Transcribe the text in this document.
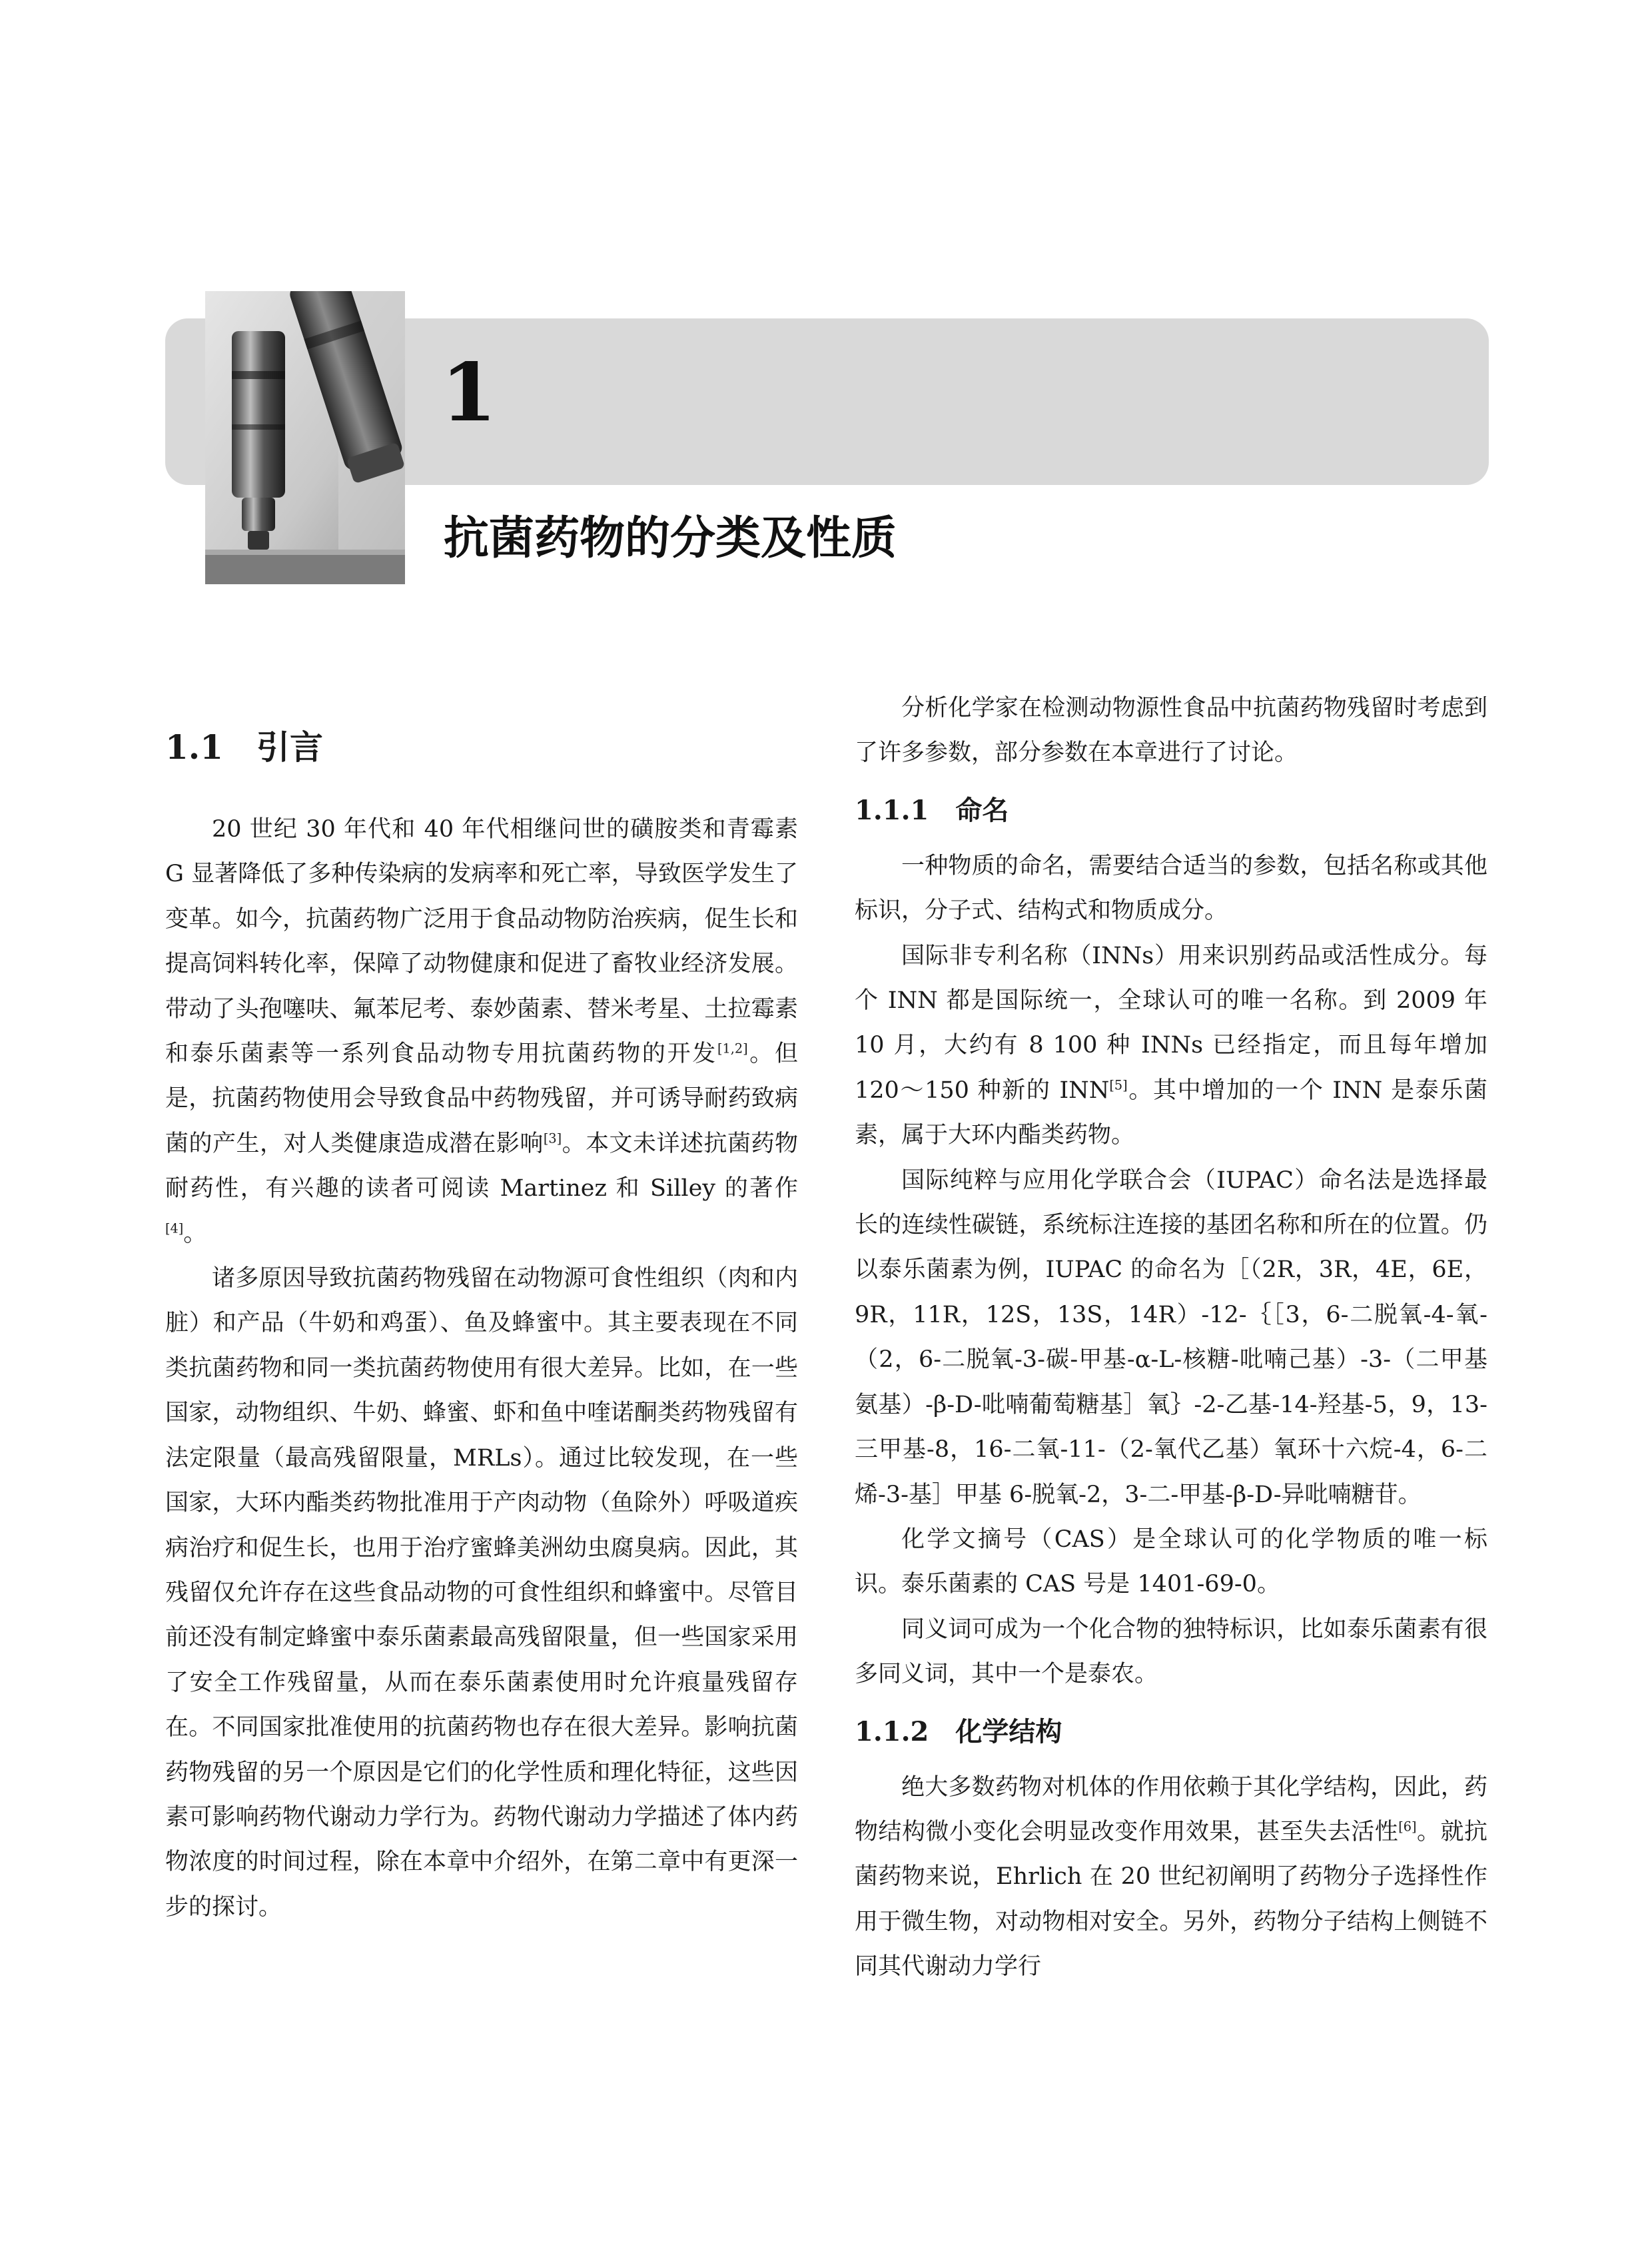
1
抗菌药物的分类及性质
1.1 引言

20 世纪 30 年代和 40 年代相继问世的磺胺类和青霉素 G 显著降低了多种传染病的发病率和死亡率，导致医学发生了变革。如今，抗菌药物广泛用于食品动物防治疾病，促生长和提高饲料转化率，保障了动物健康和促进了畜牧业经济发展。带动了头孢噻呋、氟苯尼考、泰妙菌素、替米考星、土拉霉素和泰乐菌素等一系列食品动物专用抗菌药物的开发[1,2]。但是，抗菌药物使用会导致食品中药物残留，并可诱导耐药致病菌的产生，对人类健康造成潜在影响[3]。本文未详述抗菌药物耐药性，有兴趣的读者可阅读 Martinez 和 Silley 的著作[4]。

诸多原因导致抗菌药物残留在动物源可食性组织（肉和内脏）和产品（牛奶和鸡蛋）、鱼及蜂蜜中。其主要表现在不同类抗菌药物和同一类抗菌药物使用有很大差异。比如，在一些国家，动物组织、牛奶、蜂蜜、虾和鱼中喹诺酮类药物残留有法定限量（最高残留限量，MRLs）。通过比较发现，在一些国家，大环内酯类药物批准用于产肉动物（鱼除外）呼吸道疾病治疗和促生长，也用于治疗蜜蜂美洲幼虫腐臭病。因此，其残留仅允许存在这些食品动物的可食性组织和蜂蜜中。尽管目前还没有制定蜂蜜中泰乐菌素最高残留限量，但一些国家采用了安全工作残留量，从而在泰乐菌素使用时允许痕量残留存在。不同国家批准使用的抗菌药物也存在很大差异。影响抗菌药物残留的另一个原因是它们的化学性质和理化特征，这些因素可影响药物代谢动力学行为。药物代谢动力学描述了体内药物浓度的时间过程，除在本章中介绍外，在第二章中有更深一步的探讨。

分析化学家在检测动物源性食品中抗菌药物残留时考虑到了许多参数，部分参数在本章进行了讨论。

1.1.1 命名

一种物质的命名，需要结合适当的参数，包括名称或其他标识，分子式、结构式和物质成分。

国际非专利名称（INNs）用来识别药品或活性成分。每个 INN 都是国际统一，全球认可的唯一名称。到 2009 年 10 月，大约有 8 100 种 INNs 已经指定，而且每年增加 120～150 种新的 INN[5]。其中增加的一个 INN 是泰乐菌素，属于大环内酯类药物。

国际纯粹与应用化学联合会（IUPAC）命名法是选择最长的连续性碳链，系统标注连接的基团名称和所在的位置。仍以泰乐菌素为例，IUPAC 的命名为［（2R，3R，4E，6E，9R，11R，12S，13S，14R）-12-｛［3，6-二脱氧-4-氧-（2，6-二脱氧-3-碳-甲基-α-L-核糖-吡喃己基）-3-（二甲基氨基）-β-D-吡喃葡萄糖基］氧｝-2-乙基-14-羟基-5，9，13-三甲基-8，16-二氧-11-（2-氧代乙基）氧环十六烷-4，6-二烯-3-基］甲基 6-脱氧-2，3-二-甲基-β-D-异吡喃糖苷。

化学文摘号（CAS）是全球认可的化学物质的唯一标识。泰乐菌素的 CAS 号是 1401-69-0。

同义词可成为一个化合物的独特标识，比如泰乐菌素有很多同义词，其中一个是泰农。

1.1.2 化学结构

绝大多数药物对机体的作用依赖于其化学结构，因此，药物结构微小变化会明显改变作用效果，甚至失去活性[6]。就抗菌药物来说，Ehrlich 在 20 世纪初阐明了药物分子选择性作用于微生物，对动物相对安全。另外，药物分子结构上侧链不同其代谢动力学行
